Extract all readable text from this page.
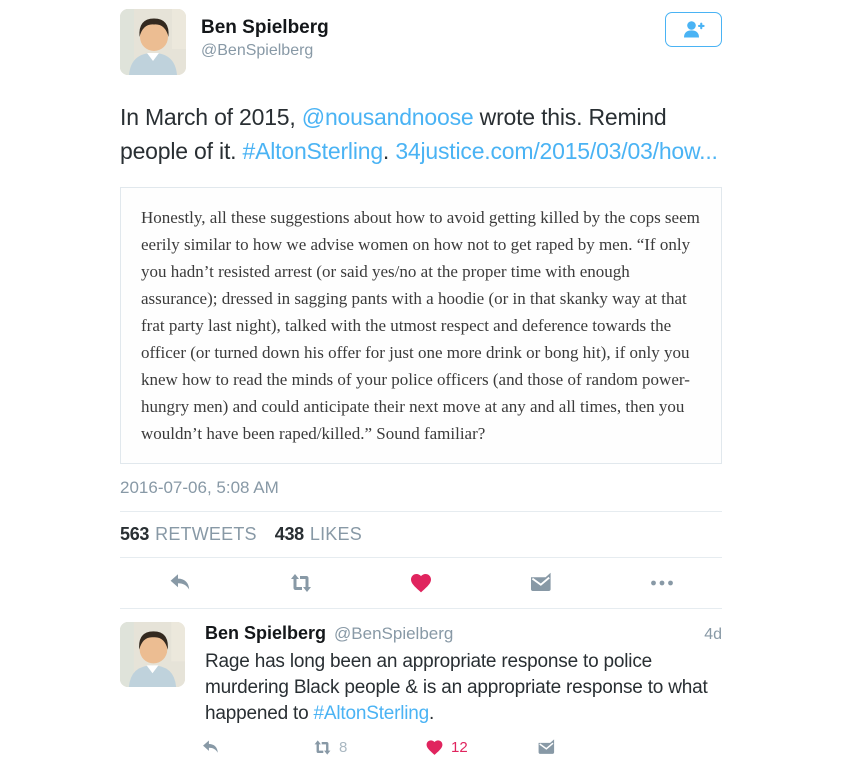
Ben Spielberg
@BenSpielberg
In March of 2015, @nousandnoose wrote this. Remind people of it. #AltonSterling. 34justice.com/2015/03/03/how...
Honestly, all these suggestions about how to avoid getting killed by the cops seem eerily similar to how we advise women on how not to get raped by men. “If only you hadn’t resisted arrest (or said yes/no at the proper time with enough assurance); dressed in sagging pants with a hoodie (or in that skanky way at that frat party last night), talked with the utmost respect and deference towards the officer (or turned down his offer for just one more drink or bong hit), if only you knew how to read the minds of your police officers (and those of random power-hungry men) and could anticipate their next move at any and all times, then you wouldn’t have been raped/killed.” Sound familiar?
2016-07-06, 5:08 AM
563 RETWEETS 438 LIKES
Ben Spielberg @BenSpielberg	4d
Rage has long been an appropriate response to police murdering Black people & is an appropriate response to what happened to #AltonSterling.
8	12
